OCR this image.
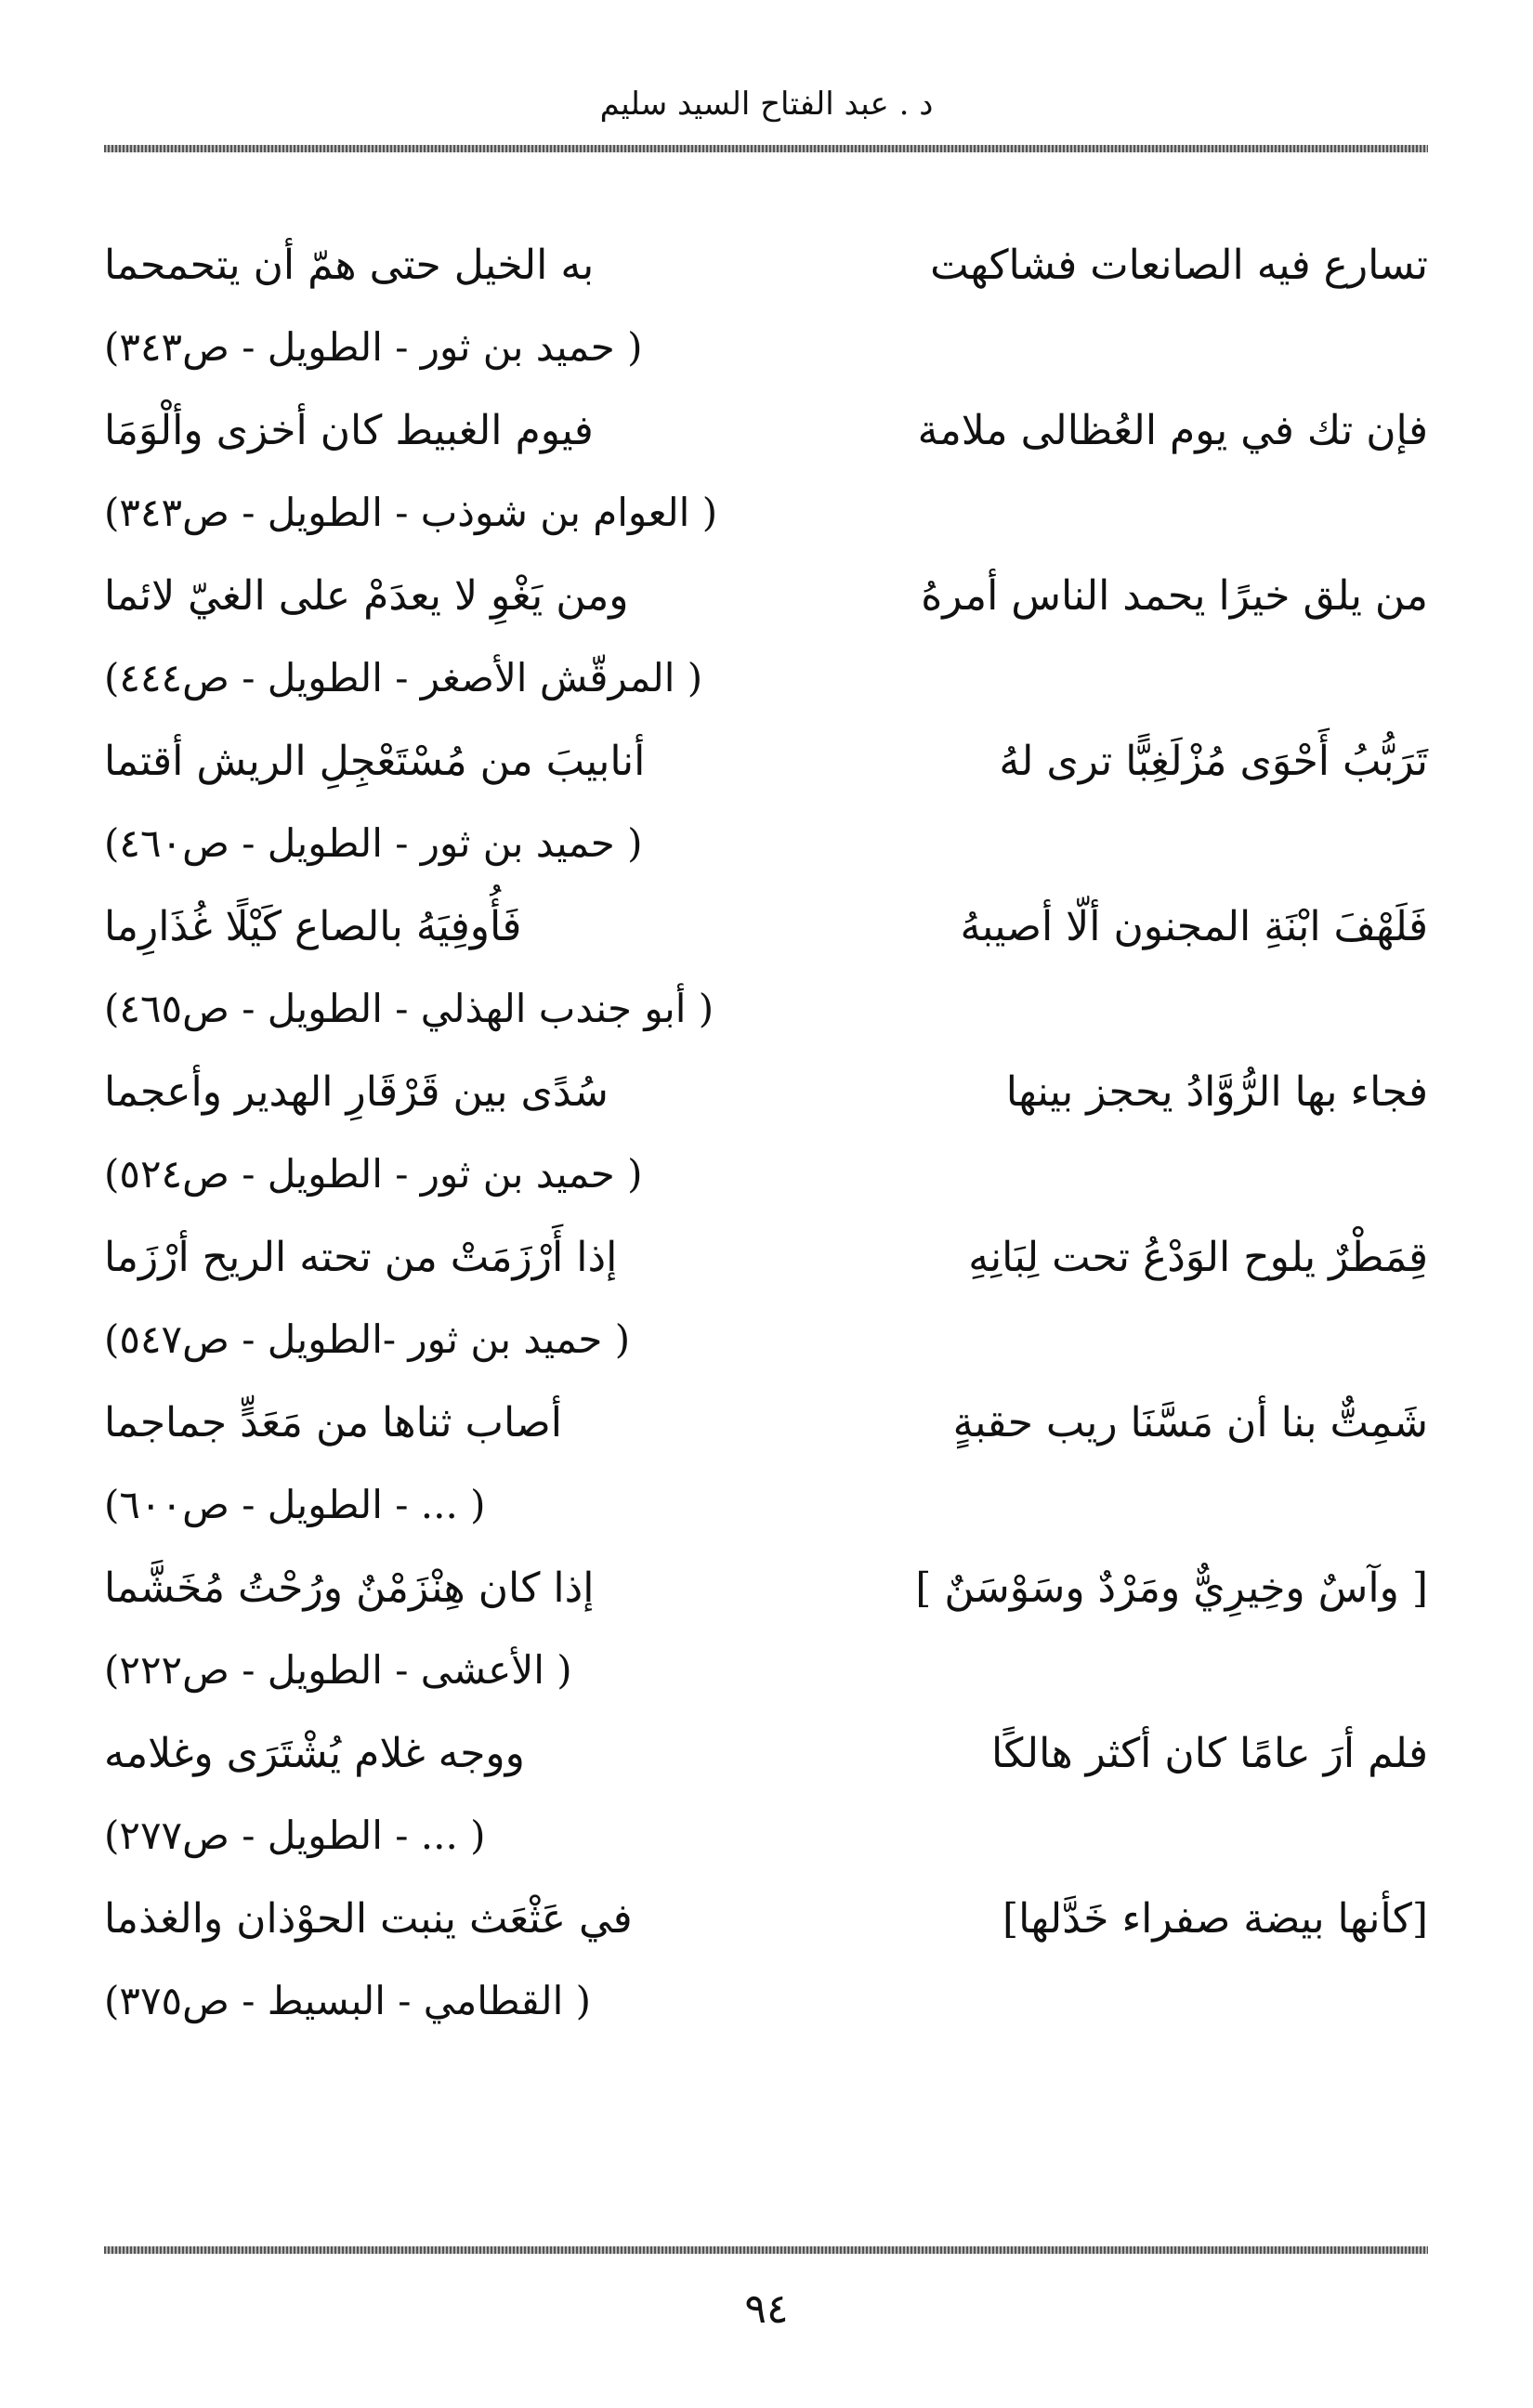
د . عبد الفتاح السيد سليم
تسارع فيه الصانعات فشاكهت
به الخيل حتى همّ أن يتحمحما
( حميد بن ثور - الطويل - ص٣٤٣)
فإن تك في يوم العُظالى ملامة
فيوم الغبيط كان أخزى وألْوَمَا
( العوام بن شوذب - الطويل - ص٣٤٣)
من يلق خيرًا يحمد الناس أمرهُ
ومن يَغْوِ لا يعدَمْ على الغيّ لائما
( المرقّش الأصغر - الطويل - ص٤٤٤)
تَرَبُّبُ أَحْوَى مُزْلَغِبًّا ترى لهُ
أنابيبَ من مُسْتَعْجِلِ الريش أقتما
( حميد بن ثور - الطويل - ص٤٦٠)
فَلَهْفَ ابْنَةِ المجنون ألّا أصيبهُ
فَأُوفِيَهُ بالصاع كَيْلًا غُذَارِما
( أبو جندب الهذلي - الطويل - ص٤٦٥)
فجاء بها الرُّوَّادُ يحجز بينها
سُدًى بين قَرْقَارِ الهدير وأعجما
( حميد بن ثور - الطويل - ص٥٢٤)
قِمَطْرٌ يلوح الوَدْعُ تحت لِبَانِهِ
إذا أَرْزَمَتْ من تحته الريح أرْزَما
( حميد بن ثور -الطويل - ص٥٤٧)
شَمِتٌّ بنا أن مَسَّنَا ريب حقبةٍ
أصاب ثناها من مَعَدٍّ جماجما
( ... - الطويل - ص٦٠٠)
[ وآسٌ وخِيرِيٌّ ومَرْدٌ وسَوْسَنٌ ]
إذا كان هِنْزَمْنٌ ورُحْتُ مُخَشَّما
( الأعشى - الطويل - ص٢٢٢)
فلم أرَ عامًا كان أكثر هالكًا
ووجه غلام يُشْتَرَى وغلامه
( ... - الطويل - ص٢٧٧)
[كأنها بيضة صفراء خَدَّلها]
في عَثْعَث ينبت الحوْذان والغذما
( القطامي - البسيط - ص٣٧٥)
٩٤
